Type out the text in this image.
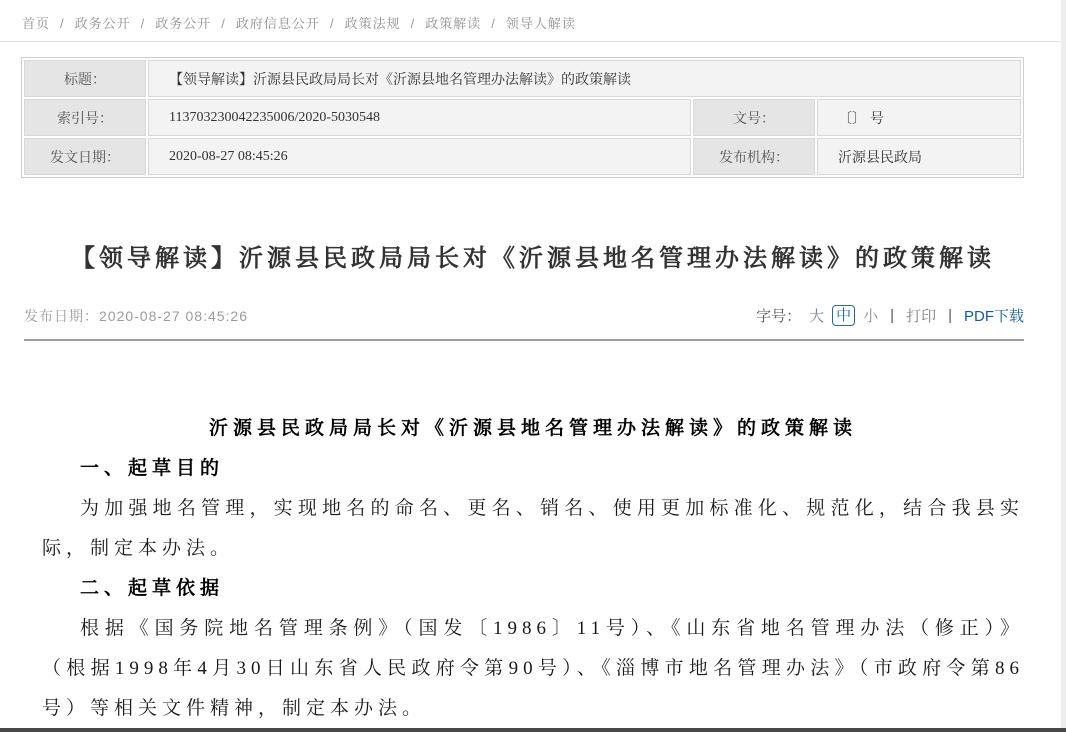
首页 / 政务公开 / 政务公开 / 政府信息公开 / 政策法规 / 政策解读 / 领导人解读
标题：	【领导解读】沂源县民政局局长对《沂源县地名管理办法解读》的政策解读		
索引号：	113703230042235006/2020-5030548	文号：	〔〕 号
发文日期：	2020-08-27 08:45:26	发布机构：	沂源县民政局
【领导解读】沂源县民政局局长对《沂源县地名管理办法解读》的政策解读
发布日期：2020-08-27 08:45:26	字号： 大 中 小 | 打印 | PDF下载
沂源县民政局局长对《沂源县地名管理办法解读》的政策解读

一、起草目的

为加强地名管理，实现地名的命名、更名、销名、使用更加标准化、规范化，结合我县实际，制定本办法。

二、起草依据

根据《国务院地名管理条例》（国发〔1986〕11号）、《山东省地名管理办法（修正）》（根据1998年4月30日山东省人民政府令第90号）、《淄博市地名管理办法》（市政府令第86号）等相关文件精神，制定本办法。
